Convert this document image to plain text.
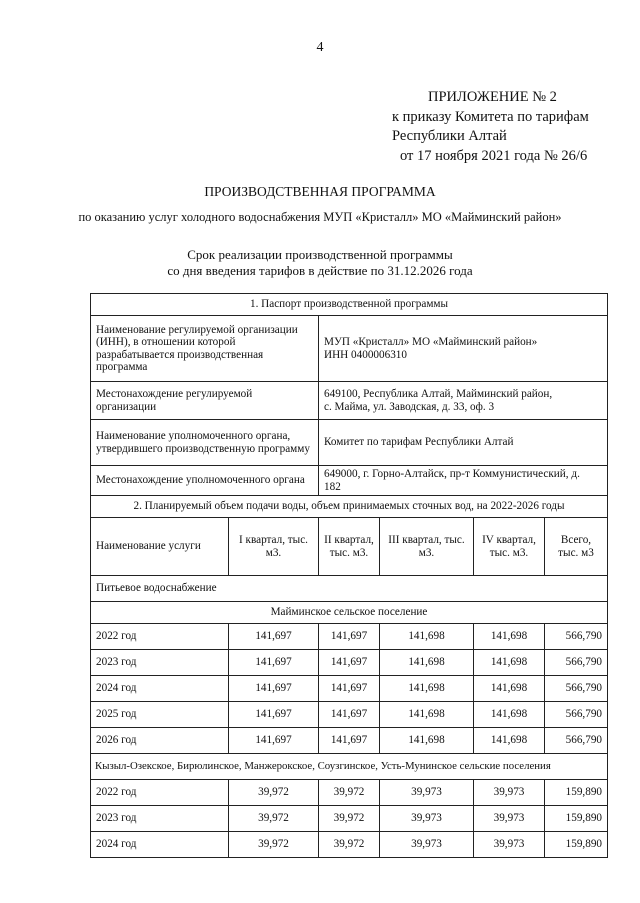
4
ПРИЛОЖЕНИЕ № 2
к приказу Комитета по тарифам
Республики Алтай
от 17 ноября 2021 года № 26/6
ПРОИЗВОДСТВЕННАЯ ПРОГРАММА
по оказанию услуг холодного водоснабжения МУП «Кристалл» МО «Майминский район»
Срок реализации производственной программы
со дня введения тарифов в действие по 31.12.2026 года
1. Паспорт производственной программы					
Наименование регулируемой организации (ИНН), в отношении которой разрабатывается производственная программа		МУП «Кристалл» МО «Майминский район»
ИНН 0400006310			

Местонахождение регулируемой организации		649100, Республика Алтай, Майминский район,
с. Майма, ул. Заводская, д. 33, оф. 3			

Наименование уполномоченного органа, утвердившего производственную программу		Комитет по тарифам Республики Алтай			

Местонахождение уполномоченного органа		649000, г. Горно-Алтайск, пр-т Коммунистический, д.
182			

2. Планируемый объем подачи воды, объем принимаемых сточных вод, на 2022-2026 годы					
Наименование услуги	I квартал, тыс. м3.	II квартал, тыс. м3.	III квартал, тыс. м3.	IV квартал, тыс. м3.	Всего, тыс. м3
Питьевое водоснабжение					
Майминское сельское поселение					
2022 год	141,697	141,697	141,698	141,698	566,790
2023 год	141,697	141,697	141,698	141,698	566,790
2024 год	141,697	141,697	141,698	141,698	566,790
2025 год	141,697	141,697	141,698	141,698	566,790
2026 год	141,697	141,697	141,698	141,698	566,790
Кызыл-Озекское, Бирюлинское, Манжерокское, Соузгинское, Усть-Мунинское сельские поселения					
2022 год	39,972	39,972	39,973	39,973	159,890
2023 год	39,972	39,972	39,973	39,973	159,890
2024 год	39,972	39,972	39,973	39,973	159,890
